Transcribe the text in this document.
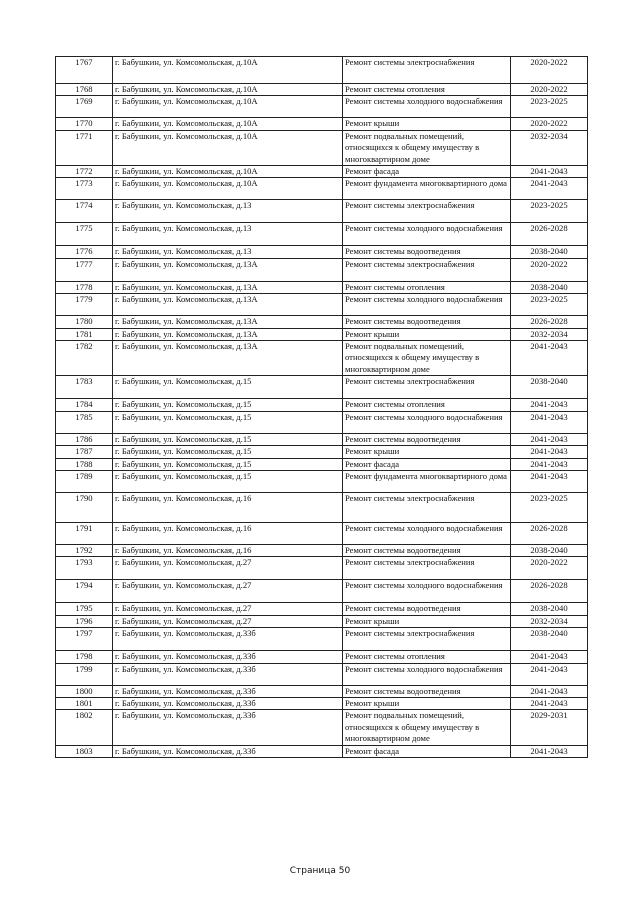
1767	г. Бабушкин, ул. Комсомольская, д.10А	Ремонт системы электроснабжения	2020-2022
1768	г. Бабушкин, ул. Комсомольская, д.10А	Ремонт системы отопления	2020-2022
1769	г. Бабушкин, ул. Комсомольская, д.10А	Ремонт системы холодного водоснабжения	2023-2025
1770	г. Бабушкин, ул. Комсомольская, д.10А	Ремонт крыши	2020-2022
1771	г. Бабушкин, ул. Комсомольская, д.10А	Ремонт подвальных помещений, относящихся к общему имуществу в многоквартирном доме	2032-2034
1772	г. Бабушкин, ул. Комсомольская, д.10А	Ремонт фасада	2041-2043
1773	г. Бабушкин, ул. Комсомольская, д.10А	Ремонт фундамента многоквартирного дома	2041-2043
1774	г. Бабушкин, ул. Комсомольская, д.13	Ремонт системы электроснабжения	2023-2025
1775	г. Бабушкин, ул. Комсомольская, д.13	Ремонт системы холодного водоснабжения	2026-2028
1776	г. Бабушкин, ул. Комсомольская, д.13	Ремонт системы водоотведения	2038-2040
1777	г. Бабушкин, ул. Комсомольская, д.13А	Ремонт системы электроснабжения	2020-2022
1778	г. Бабушкин, ул. Комсомольская, д.13А	Ремонт системы отопления	2038-2040
1779	г. Бабушкин, ул. Комсомольская, д.13А	Ремонт системы холодного водоснабжения	2023-2025
1780	г. Бабушкин, ул. Комсомольская, д.13А	Ремонт системы водоотведения	2026-2028
1781	г. Бабушкин, ул. Комсомольская, д.13А	Ремонт крыши	2032-2034
1782	г. Бабушкин, ул. Комсомольская, д.13А	Ремонт подвальных помещений, относящихся к общему имуществу в многоквартирном доме	2041-2043
1783	г. Бабушкин, ул. Комсомольская, д.15	Ремонт системы электроснабжения	2038-2040
1784	г. Бабушкин, ул. Комсомольская, д.15	Ремонт системы отопления	2041-2043
1785	г. Бабушкин, ул. Комсомольская, д.15	Ремонт системы холодного водоснабжения	2041-2043
1786	г. Бабушкин, ул. Комсомольская, д.15	Ремонт системы водоотведения	2041-2043
1787	г. Бабушкин, ул. Комсомольская, д.15	Ремонт крыши	2041-2043
1788	г. Бабушкин, ул. Комсомольская, д.15	Ремонт фасада	2041-2043
1789	г. Бабушкин, ул. Комсомольская, д.15	Ремонт фундамента многоквартирного дома	2041-2043
1790	г. Бабушкин, ул. Комсомольская, д.16	Ремонт системы электроснабжения	2023-2025
1791	г. Бабушкин, ул. Комсомольская, д.16	Ремонт системы холодного водоснабжения	2026-2028
1792	г. Бабушкин, ул. Комсомольская, д.16	Ремонт системы водоотведения	2038-2040
1793	г. Бабушкин, ул. Комсомольская, д.27	Ремонт системы электроснабжения	2020-2022
1794	г. Бабушкин, ул. Комсомольская, д.27	Ремонт системы холодного водоснабжения	2026-2028
1795	г. Бабушкин, ул. Комсомольская, д.27	Ремонт системы водоотведения	2038-2040
1796	г. Бабушкин, ул. Комсомольская, д.27	Ремонт крыши	2032-2034
1797	г. Бабушкин, ул. Комсомольская, д.33б	Ремонт системы электроснабжения	2038-2040
1798	г. Бабушкин, ул. Комсомольская, д.33б	Ремонт системы отопления	2041-2043
1799	г. Бабушкин, ул. Комсомольская, д.33б	Ремонт системы холодного водоснабжения	2041-2043
1800	г. Бабушкин, ул. Комсомольская, д.33б	Ремонт системы водоотведения	2041-2043
1801	г. Бабушкин, ул. Комсомольская, д.33б	Ремонт крыши	2041-2043
1802	г. Бабушкин, ул. Комсомольская, д.33б	Ремонт подвальных помещений, относящихся к общему имуществу в многоквартирном доме	2029-2031
1803	г. Бабушкин, ул. Комсомольская, д.33б	Ремонт фасада	2041-2043
Страница 50
